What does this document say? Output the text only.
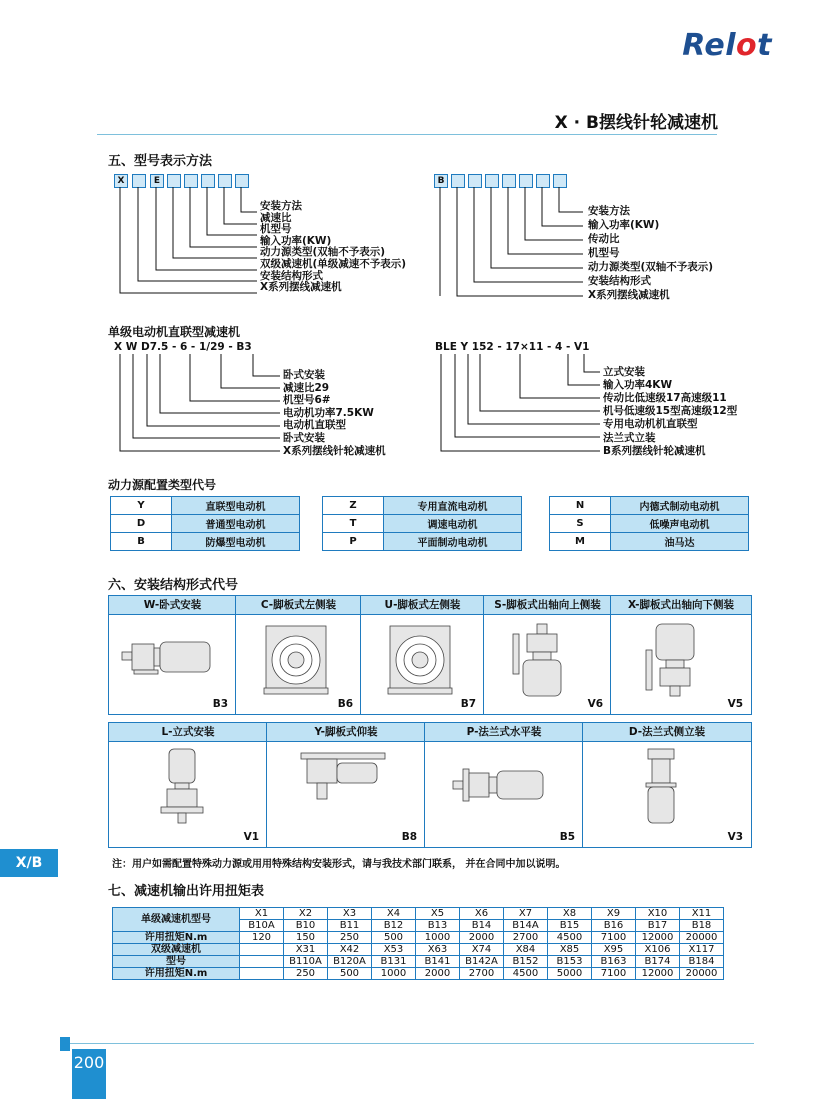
Relot
X · B摆线针轮减速机
五、型号表示方法
X	E
安装方法
减速比
机型号
输入功率(KW)
动力源类型(双轴不予表示)
双级减速机(单级减速不予表示)
安装结构形式
X系列摆线减速机
B
安装方法
输入功率(KW)
传动比
机型号
动力源类型(双轴不予表示)
安装结构形式
X系列摆线减速机
单级电动机直联型减速机
X W D7.5 - 6 - 1/29 - B3	BLE Y 152 - 17×11 - 4 - V1
卧式安装
减速比29
机型号6#
电动机功率7.5KW
电动机直联型
卧式安装
X系列摆线针轮减速机
立式安装
输入功率4KW
传动比低速级17高速级11
机号低速级15型高速级12型
专用电动机机直联型
法兰式立装
B系列摆线针轮减速机
动力源配置类型代号
Y	直联型电动机
D	普通型电动机
B	防爆型电动机
Z	专用直流电动机
T	调速电动机
P	平面制动电动机
N	内德式制动电动机
S	低噪声电动机
M	油马达
六、安装结构形式代号
W-卧式安装
B3
C-脚板式左侧装
B6
U-脚板式左侧装
B7
S-脚板式出轴向上侧装
V6
X-脚板式出轴向下侧装
V5
L-立式安装
V1
Y-脚板式仰装
B8
P-法兰式水平装
B5
D-法兰式侧立装
V3
X/B	注：用户如需配置特殊动力源或用用特殊结构安装形式，请与我技术部门联系， 并在合同中加以说明。
七、减速机输出许用扭矩表
单级减速机型号	X1	X2	X3	X4	X5	X6	X7	X8	X9	X10	X11
	B10A	B10	B11	B12	B13	B14	B14A	B15	B16	B17	B18
许用扭矩N.m	120	150	250	500	1000	2000	2700	4500	7100	12000	20000
双级减速机		X31	X42	X53	X63	X74	X84	X85	X95	X106	X117
型号		B110A	B120A	B131	B141	B142A	B152	B153	B163	B174	B184
许用扭矩N.m		250	500	1000	2000	2700	4500	5000	7100	12000	20000
200
